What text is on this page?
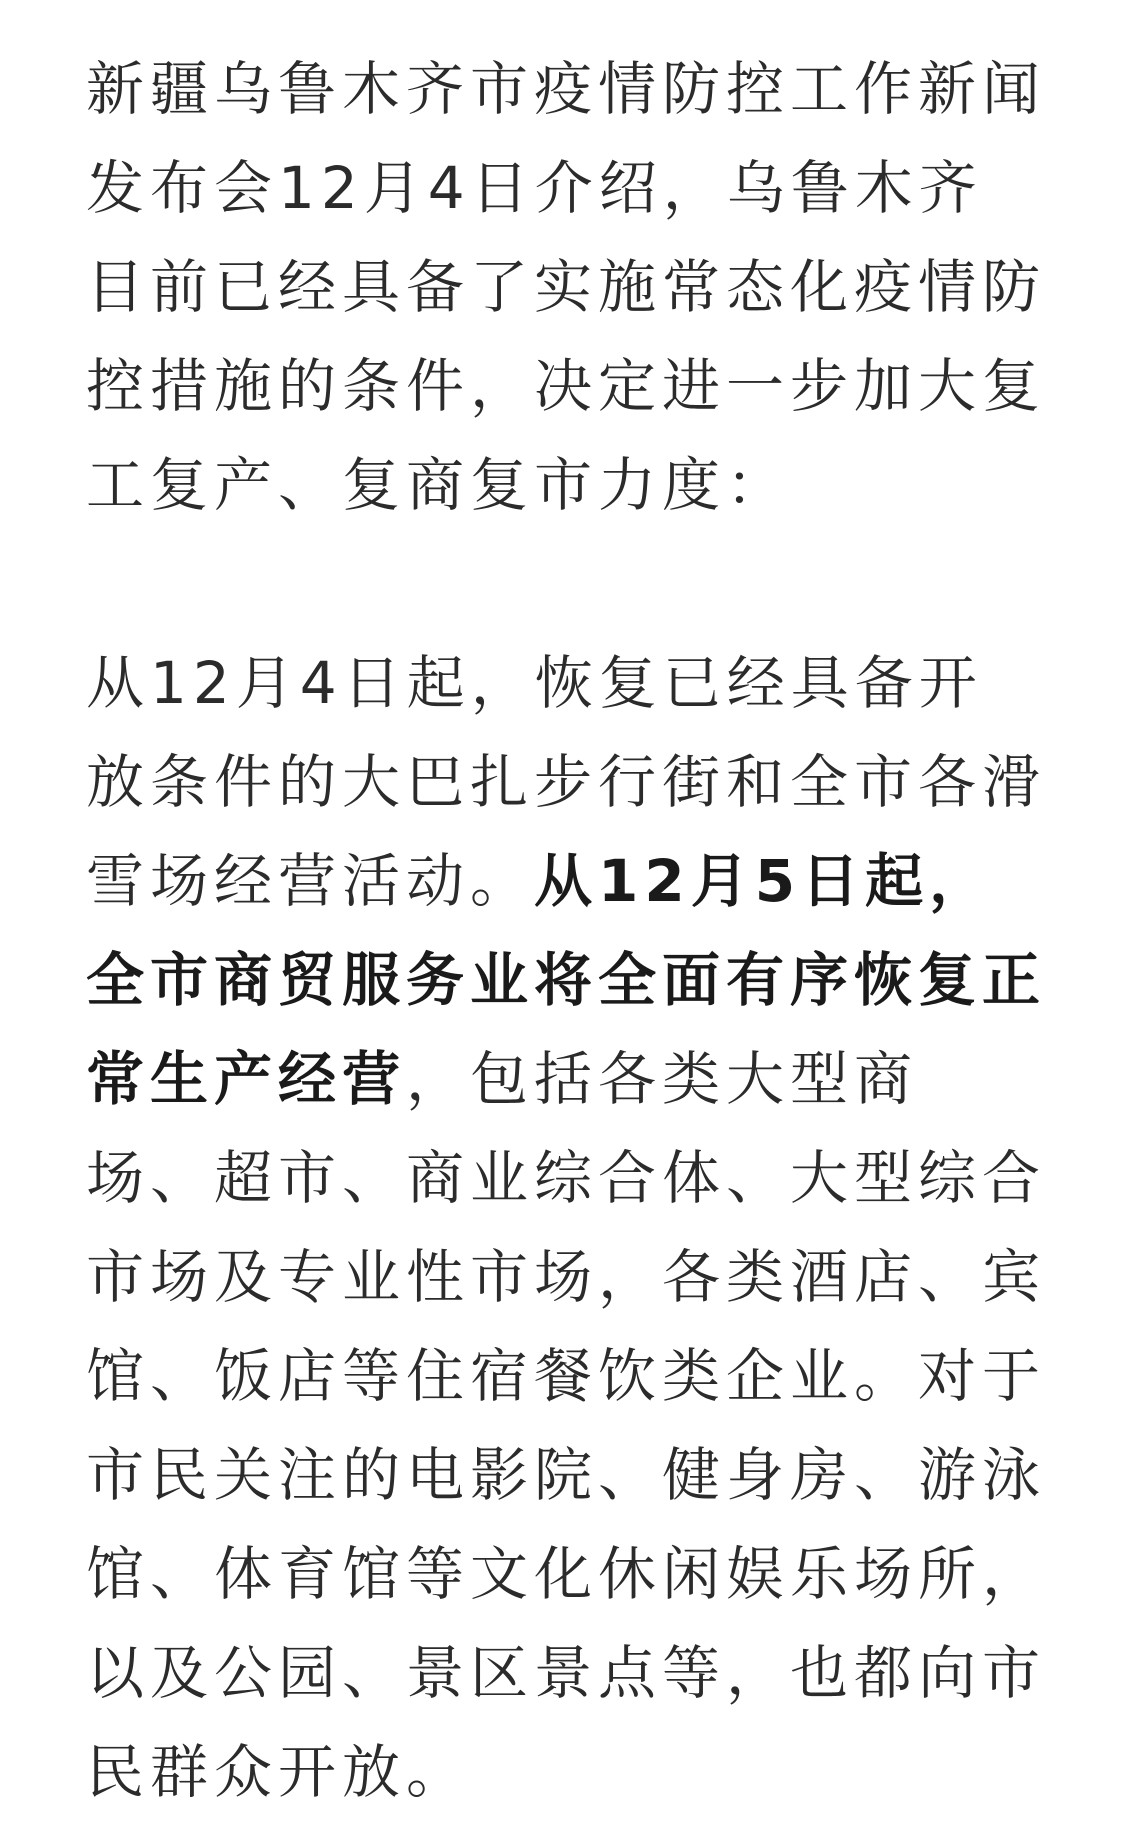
新疆乌鲁木齐市疫情防控工作新闻发布会12月4日介绍，乌鲁木齐目前已经具备了实施常态化疫情防控措施的条件，决定进一步加大复工复产、复商复市力度：

从12月4日起，恢复已经具备开放条件的大巴扎步行街和全市各滑雪场经营活动。从12月5日起，全市商贸服务业将全面有序恢复正常生产经营，包括各类大型商场、超市、商业综合体、大型综合市场及专业性市场，各类酒店、宾馆、饭店等住宿餐饮类企业。对于市民关注的电影院、健身房、游泳馆、体育馆等文化休闲娱乐场所，以及公园、景区景点等，也都向市民群众开放。
